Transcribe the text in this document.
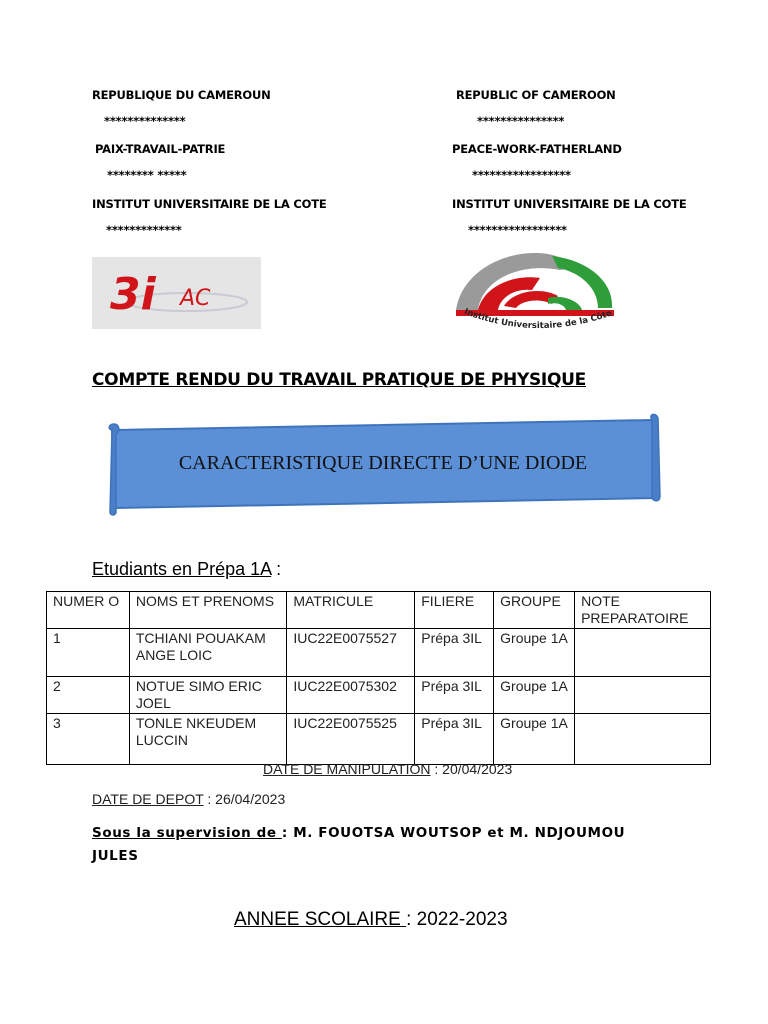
REPUBLIQUE DU CAMEROUN
**************
PAIX-TRAVAIL-PATRIE
******** *****
INSTITUT UNIVERSITAIRE DE LA COTE
*************
REPUBLIC OF CAMEROON
***************
PEACE-WORK-FATHERLAND
*****************
INSTITUT UNIVERSITAIRE DE LA COTE
*****************
3i AC
Institut Universitaire de la Côte
COMPTE RENDU DU TRAVAIL PRATIQUE DE PHYSIQUE
CARACTERISTIQUE DIRECTE D’UNE DIODE
Etudiants en Prépa 1A :
NUMER O	NOMS ET PRENOMS	MATRICULE	FILIERE	GROUPE	NOTE PREPARATOIRE
1	TCHIANI POUAKAM ANGE LOIC	IUC22E0075527	Prépa 3IL	Groupe 1A	
2	NOTUE SIMO ERIC JOEL	IUC22E0075302	Prépa 3IL	Groupe 1A	
3	TONLE NKEUDEM LUCCIN	IUC22E0075525	Prépa 3IL	Groupe 1A	
DATE DE MANIPULATION : 20/04/2023
DATE DE DEPOT : 26/04/2023
Sous la supervision de : M. FOUOTSA WOUTSOP et M. NDJOUMOU JULES
ANNEE SCOLAIRE : 2022-2023
